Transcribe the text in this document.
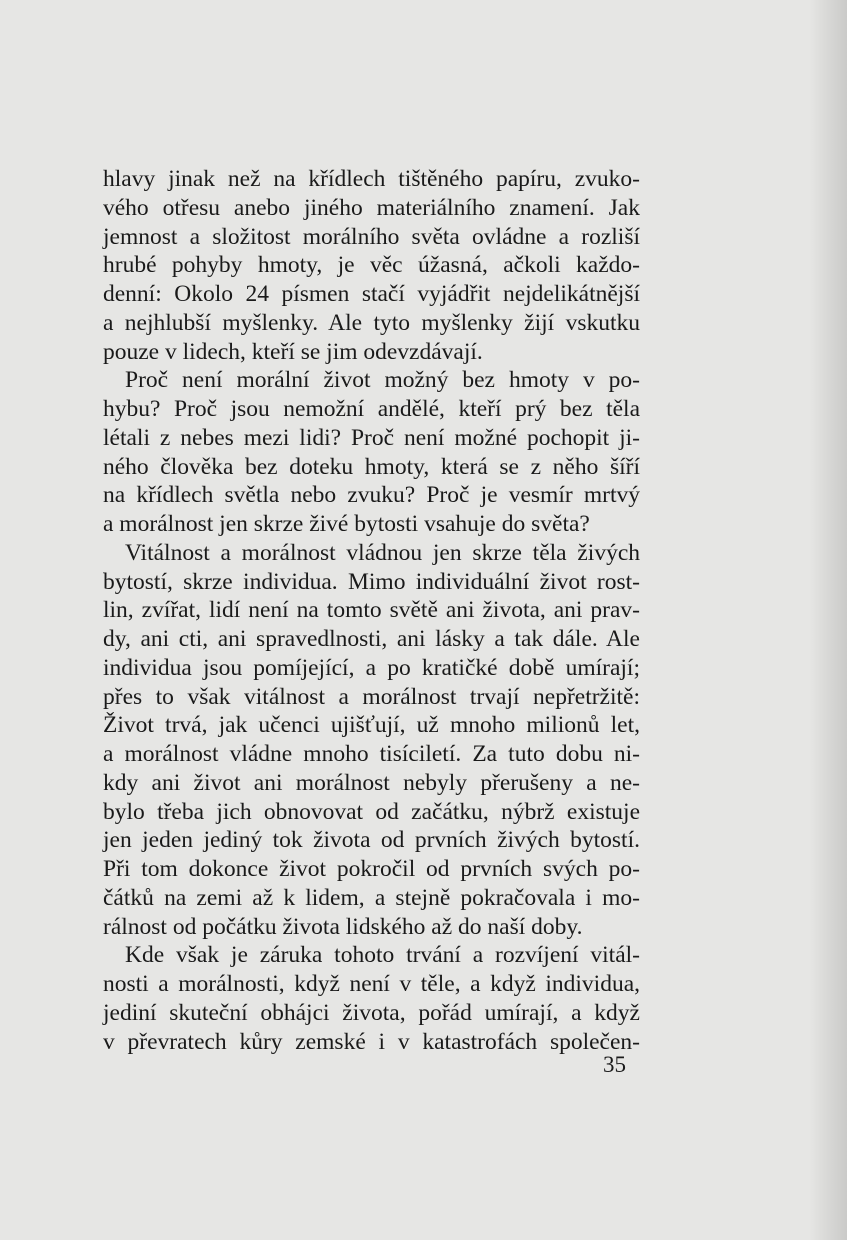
hlavy jinak než na křídlech tištěného papíru, zvuko-
vého otřesu anebo jiného materiálního znamení. Jak
jemnost a složitost morálního světa ovládne a rozliší
hrubé pohyby hmoty, je věc úžasná, ačkoli každo-
denní: Okolo 24 písmen stačí vyjádřit nejdelikátnější
a nejhlubší myšlenky. Ale tyto myšlenky žijí vskutku
pouze v lidech, kteří se jim odevzdávají.
Proč není morální život možný bez hmoty v po-
hybu? Proč jsou nemožní andělé, kteří prý bez těla
létali z nebes mezi lidi? Proč není možné pochopit ji-
ného člověka bez doteku hmoty, která se z něho šíří
na křídlech světla nebo zvuku? Proč je vesmír mrtvý
a morálnost jen skrze živé bytosti vsahuje do světa?
Vitálnost a morálnost vládnou jen skrze těla živých
bytostí, skrze individua. Mimo individuální život rost-
lin, zvířat, lidí není na tomto světě ani života, ani prav-
dy, ani cti, ani spravedlnosti, ani lásky a tak dále. Ale
individua jsou pomíjející, a po kratičké době umírají;
přes to však vitálnost a morálnost trvají nepřetržitě:
Život trvá, jak učenci ujišťují, už mnoho milionů let,
a morálnost vládne mnoho tisíciletí. Za tuto dobu ni-
kdy ani život ani morálnost nebyly přerušeny a ne-
bylo třeba jich obnovovat od začátku, nýbrž existuje
jen jeden jediný tok života od prvních živých bytostí.
Při tom dokonce život pokročil od prvních svých po-
čátků na zemi až k lidem, a stejně pokračovala i mo-
rálnost od počátku života lidského až do naší doby.
Kde však je záruka tohoto trvání a rozvíjení vitál-
nosti a morálnosti, když není v těle, a když individua,
jediní skuteční obhájci života, pořád umírají, a když
v převratech kůry zemské i v katastrofách společen-
35
